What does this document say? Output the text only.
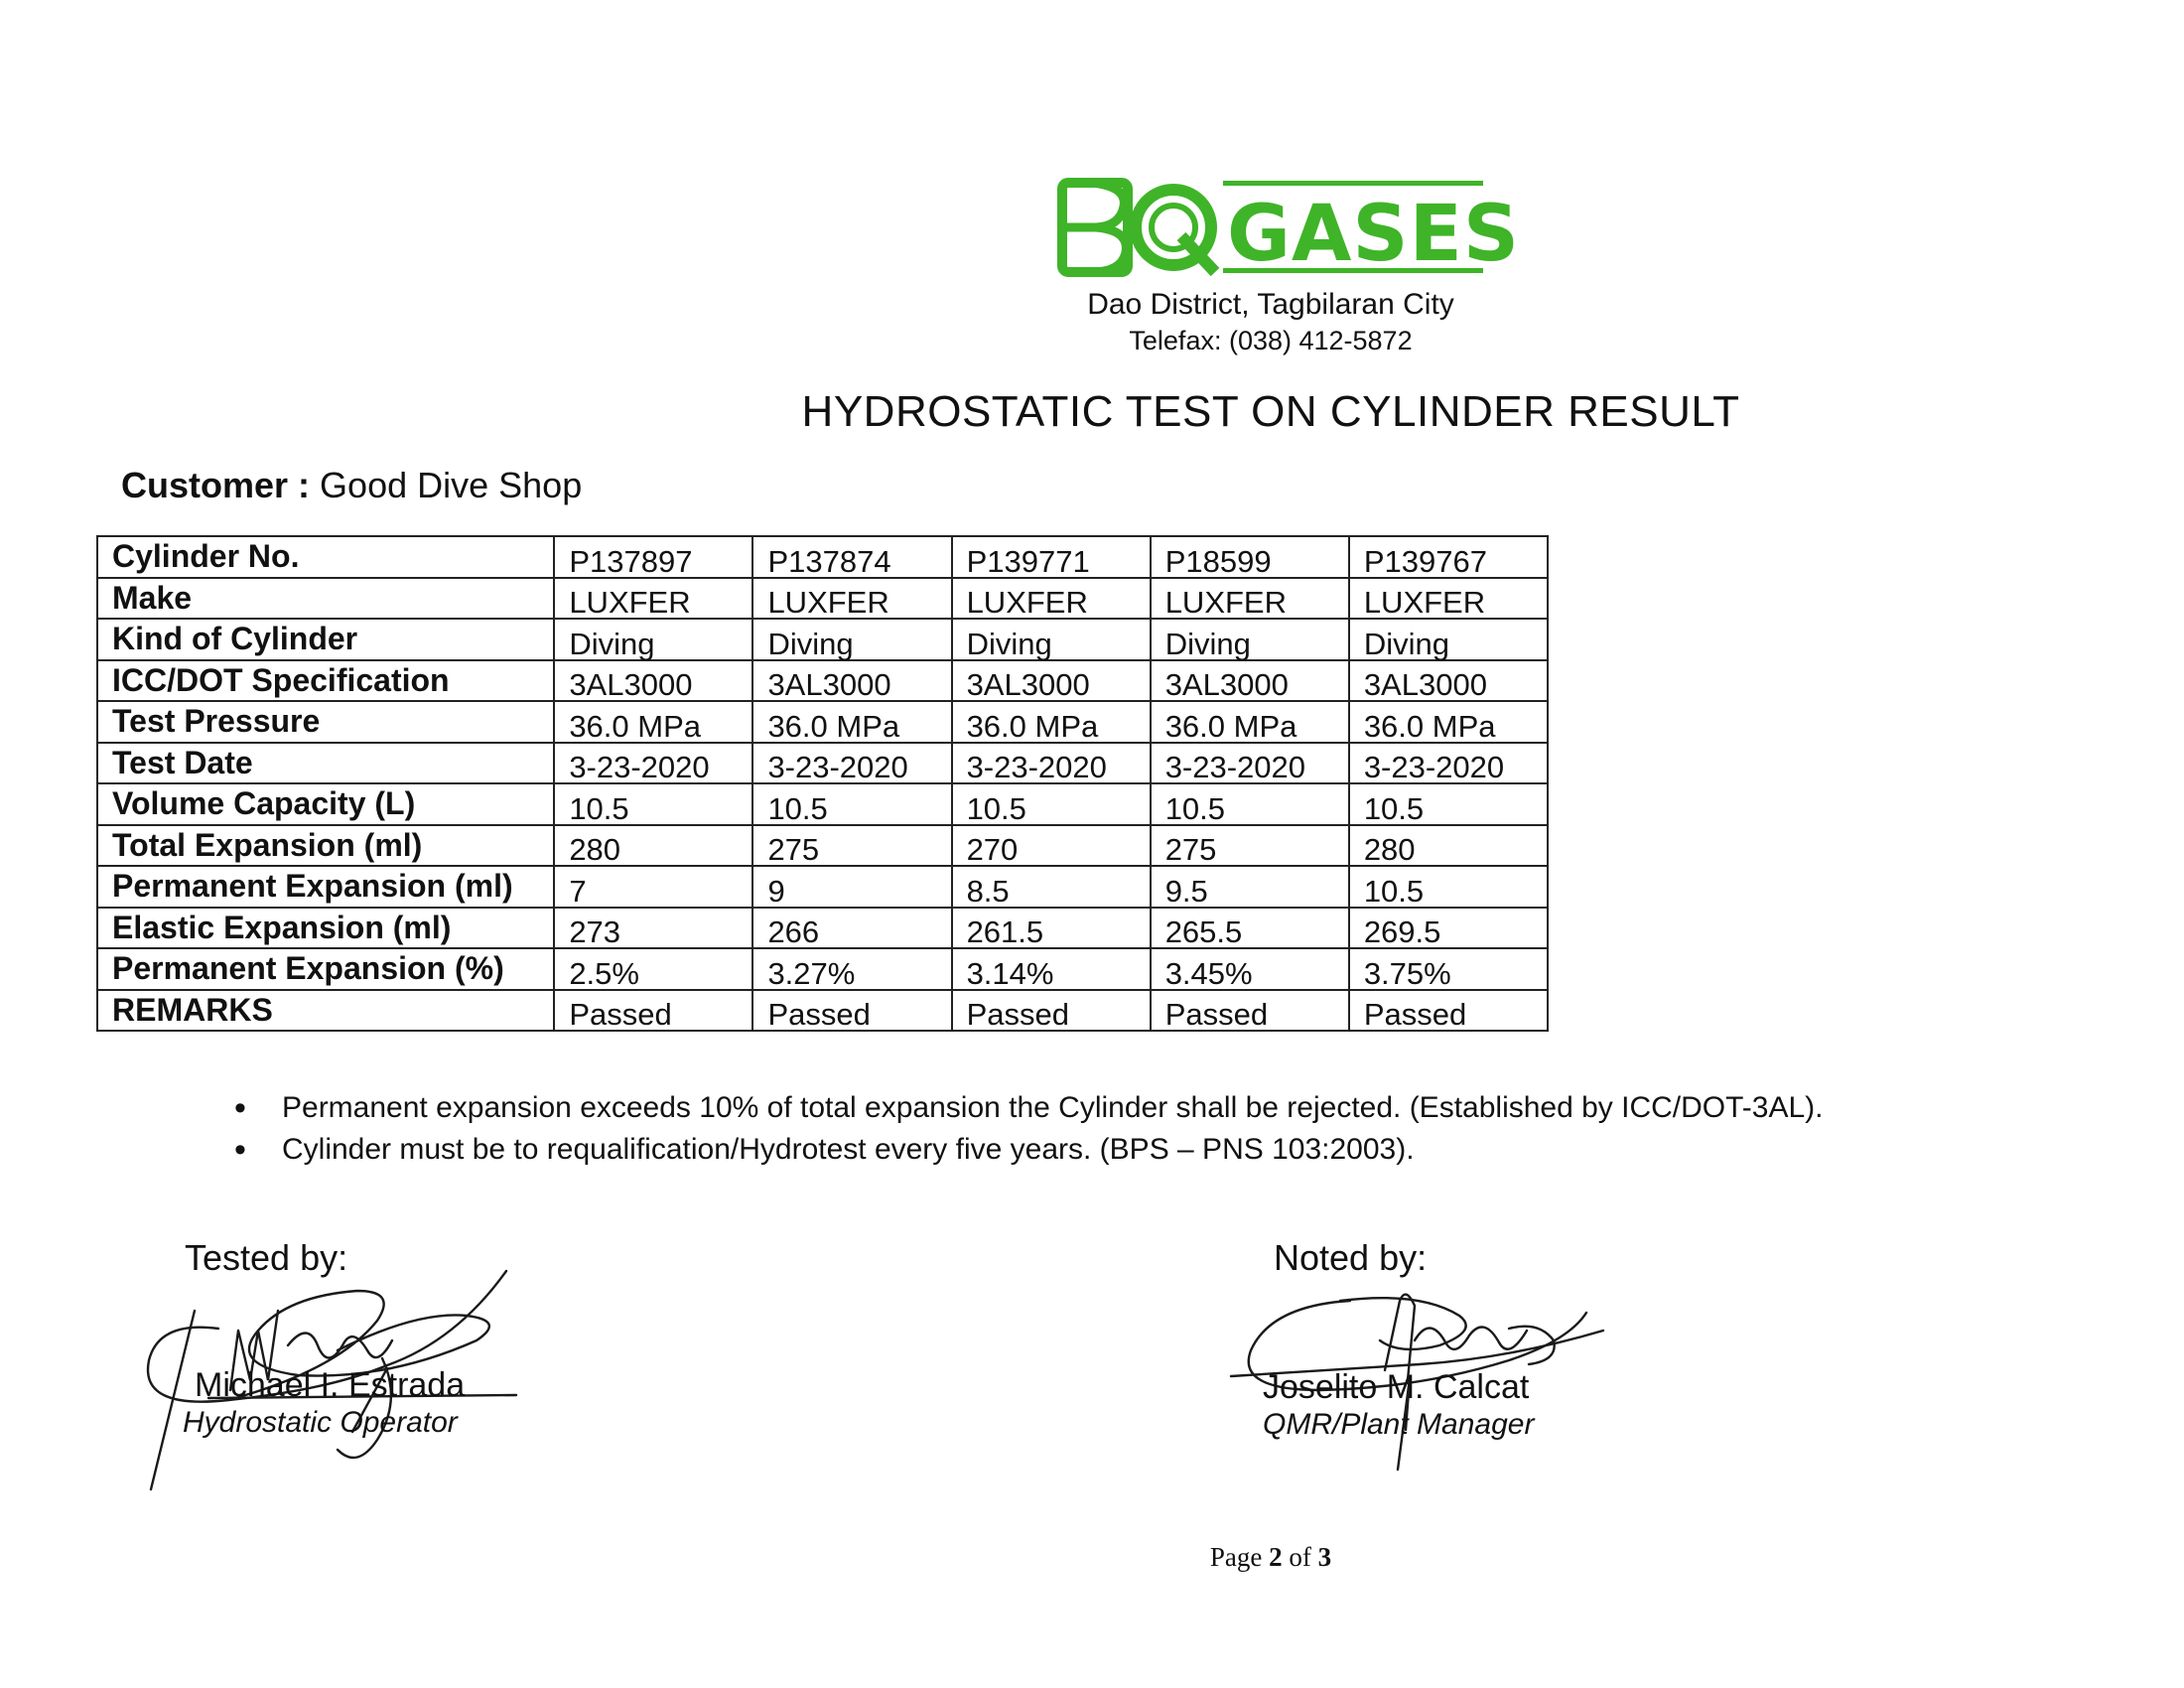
GASES
Dao District, Tagbilaran City
Telefax: (038) 412-5872
HYDROSTATIC TEST ON CYLINDER RESULT
Customer : Good Dive Shop
Cylinder No.	P137897	P137874	P139771	P18599	P139767
Make	LUXFER	LUXFER	LUXFER	LUXFER	LUXFER
Kind of Cylinder	Diving	Diving	Diving	Diving	Diving
ICC/DOT Specification	3AL3000	3AL3000	3AL3000	3AL3000	3AL3000
Test Pressure	36.0 MPa	36.0 MPa	36.0 MPa	36.0 MPa	36.0 MPa
Test Date	3-23-2020	3-23-2020	3-23-2020	3-23-2020	3-23-2020
Volume Capacity (L)	10.5	10.5	10.5	10.5	10.5
Total Expansion (ml)	280	275	270	275	280
Permanent Expansion (ml)	7	9	8.5	9.5	10.5
Elastic Expansion (ml)	273	266	261.5	265.5	269.5
Permanent Expansion (%)	2.5%	3.27%	3.14%	3.45%	3.75%
REMARKS	Passed	Passed	Passed	Passed	Passed
• Permanent expansion exceeds 10% of total expansion the Cylinder shall be rejected. (Established by ICC/DOT-3AL).
• Cylinder must be to requalification/Hydrotest every five years. (BPS – PNS 103:2003).
Tested by:	Noted by:
Michael I. Estrada
Hydrostatic Operator
Joselito M. Calcat
QMR/Plant Manager
Page 2 of 3
